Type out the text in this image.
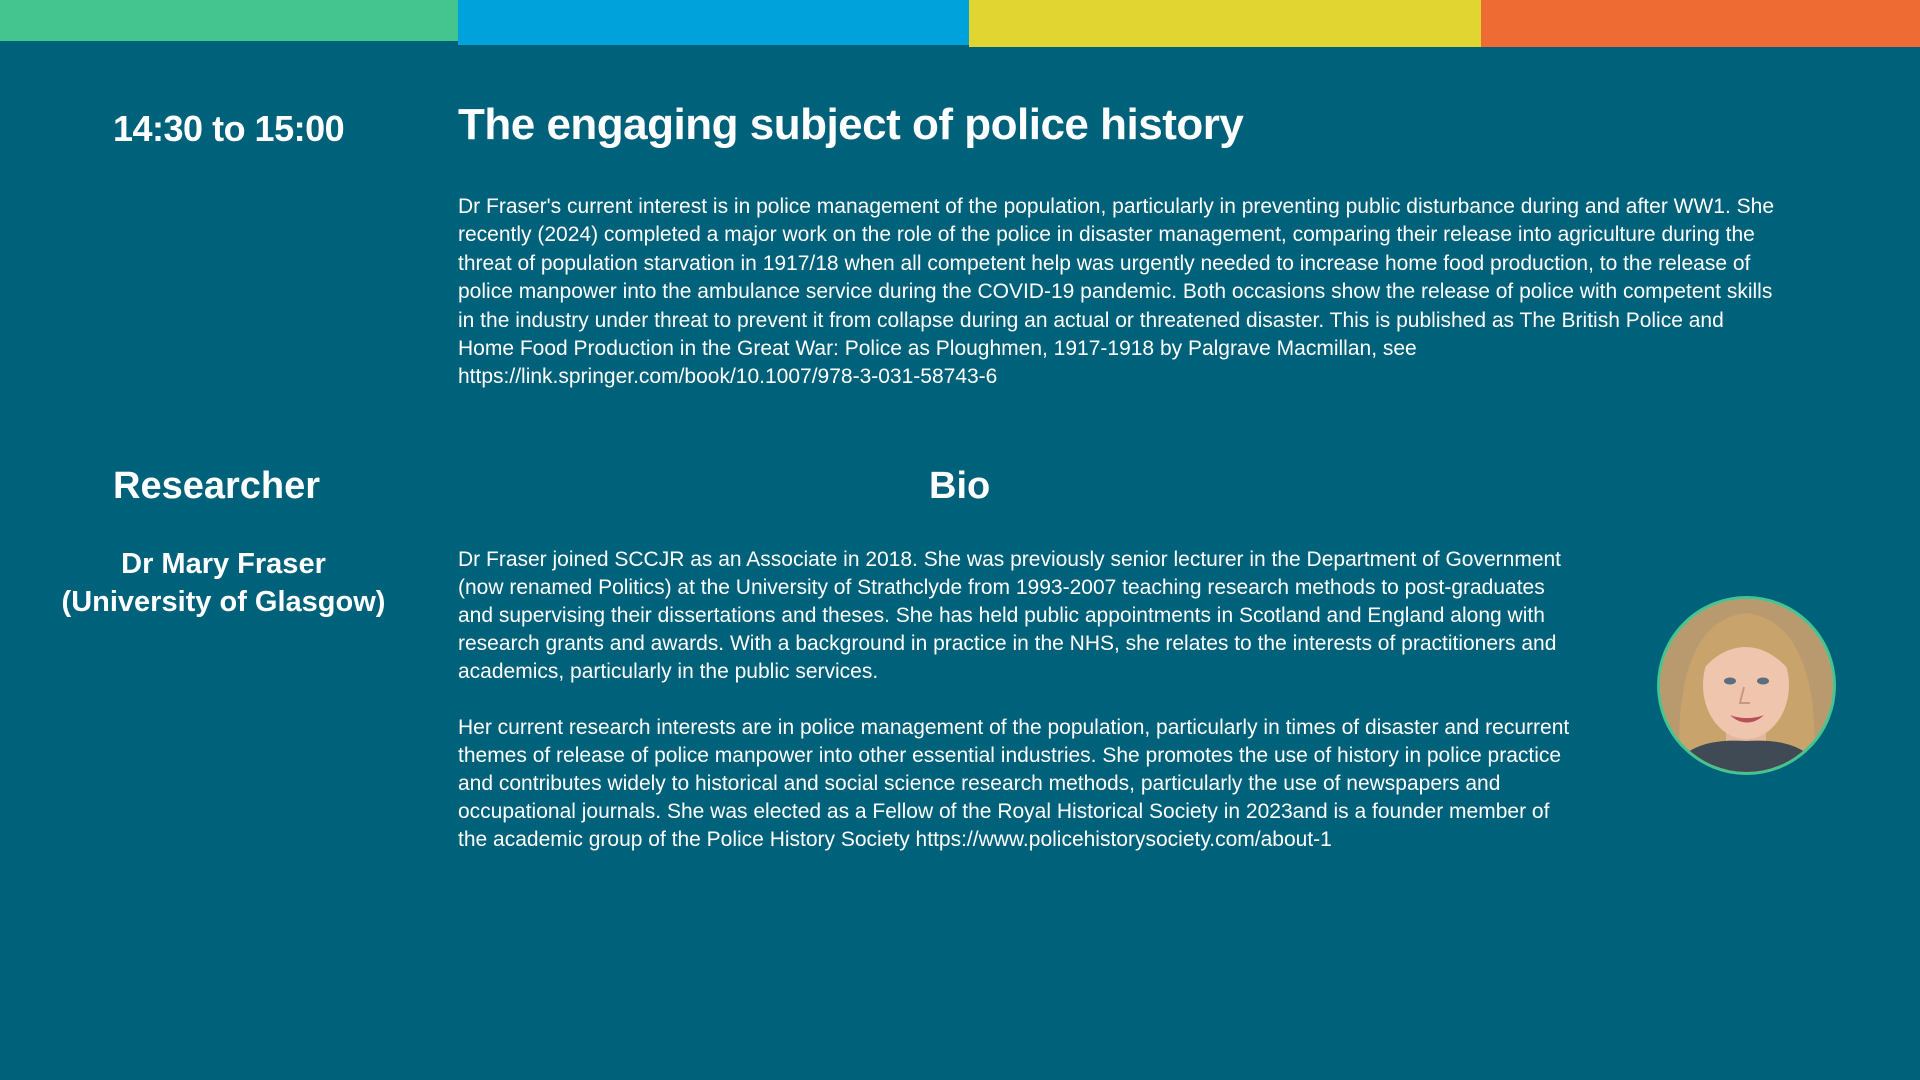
14:30 to 15:00	The engaging subject of police history

Dr Fraser's current interest is in police management of the population, particularly in preventing public disturbance during and after WW1. She recently (2024) completed a major work on the role of the police in disaster management, comparing their release into agriculture during the threat of population starvation in 1917/18 when all competent help was urgently needed to increase home food production, to the release of police manpower into the ambulance service during the COVID-19 pandemic. Both occasions show the release of police with competent skills in the industry under threat to prevent it from collapse during an actual or threatened disaster. This is published as The British Police and Home Food Production in the Great War: Police as Ploughmen, 1917-1918 by Palgrave Macmillan, see https://link.springer.com/book/10.1007/978-3-031-58743-6

Researcher	Bio
Dr Mary Fraser
(University of Glasgow)

Dr Fraser joined SCCJR as an Associate in 2018. She was previously senior lecturer in the Department of Government (now renamed Politics) at the University of Strathclyde from 1993-2007 teaching research methods to post-graduates and supervising their dissertations and theses. She has held public appointments in Scotland and England along with research grants and awards. With a background in practice in the NHS, she relates to the interests of practitioners and academics, particularly in the public services.

Her current research interests are in police management of the population, particularly in times of disaster and recurrent themes of release of police manpower into other essential industries. She promotes the use of history in police practice and contributes widely to historical and social science research methods, particularly the use of newspapers and occupational journals. She was elected as a Fellow of the Royal Historical Society in 2023and is a founder member of the academic group of the Police History Society https://www.policehistorysociety.com/about-1
